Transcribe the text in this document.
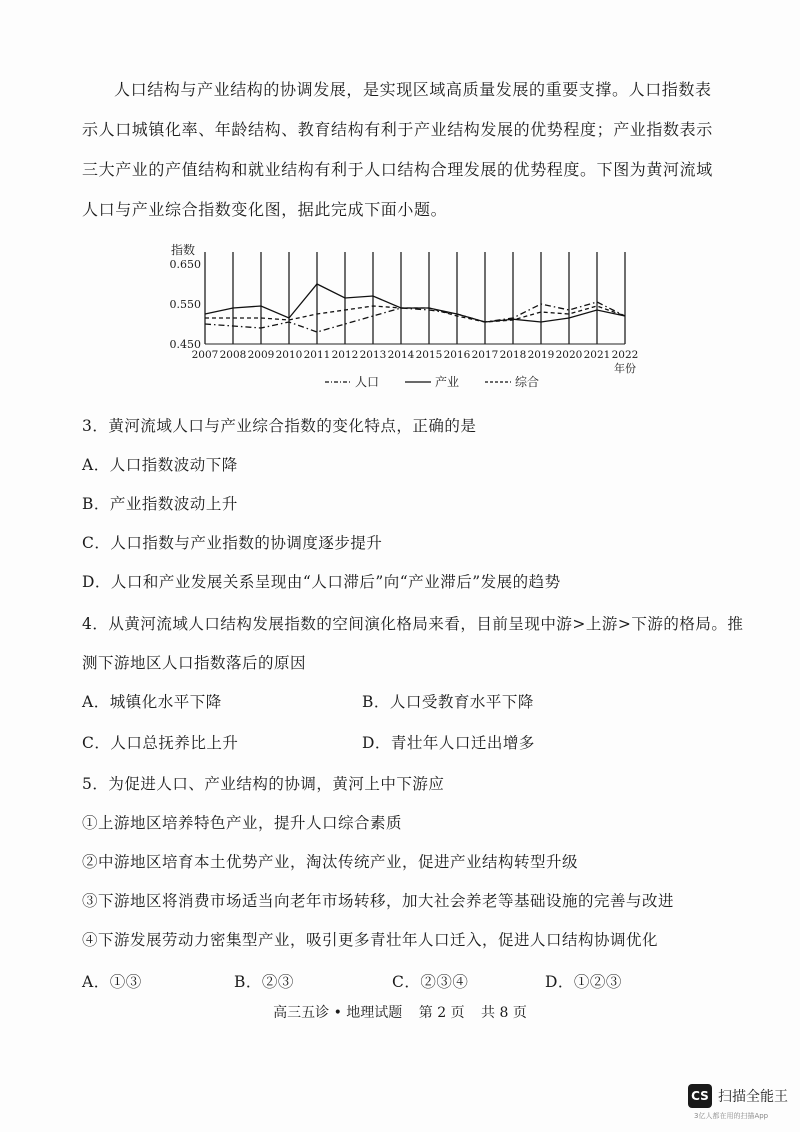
人口结构与产业结构的协调发展，是实现区域高质量发展的重要支撑。人口指数表示人口城镇化率、年龄结构、教育结构有利于产业结构发展的优势程度；产业指数表示三大产业的产值结构和就业结构有利于人口结构合理发展的优势程度。下图为黄河流域人口与产业综合指数变化图，据此完成下面小题。

0.650
0.550
0.450
指数
2007 2008 2009 2010 2011 2012 2013 2014 2015 2016 2017 2018 2019 2020 2021 2022
年份
人口	产业	综合
3．黄河流域人口与产业综合指数的变化特点，正确的是
A．人口指数波动下降
B．产业指数波动上升
C．人口指数与产业指数的协调度逐步提升
D．人口和产业发展关系呈现由“人口滞后”向“产业滞后”发展的趋势
4．从黄河流域人口结构发展指数的空间演化格局来看，目前呈现中游>上游>下游的格局。推
测下游地区人口指数落后的原因
A．城镇化水平下降	B．人口受教育水平下降
C．人口总抚养比上升	D．青壮年人口迁出增多
5．为促进人口、产业结构的协调，黄河上中下游应
①上游地区培养特色产业，提升人口综合素质
②中游地区培育本土优势产业，淘汰传统产业，促进产业结构转型升级
③下游地区将消费市场适当向老年市场转移，加大社会养老等基础设施的完善与改进
④下游发展劳动力密集型产业，吸引更多青壮年人口迁入，促进人口结构协调优化
A．①③	B．②③	C．②③④	D．①②③
高三五诊 • 地理试题 第 2 页 共 8 页
CS 扫描全能王
3亿人都在用的扫描App
